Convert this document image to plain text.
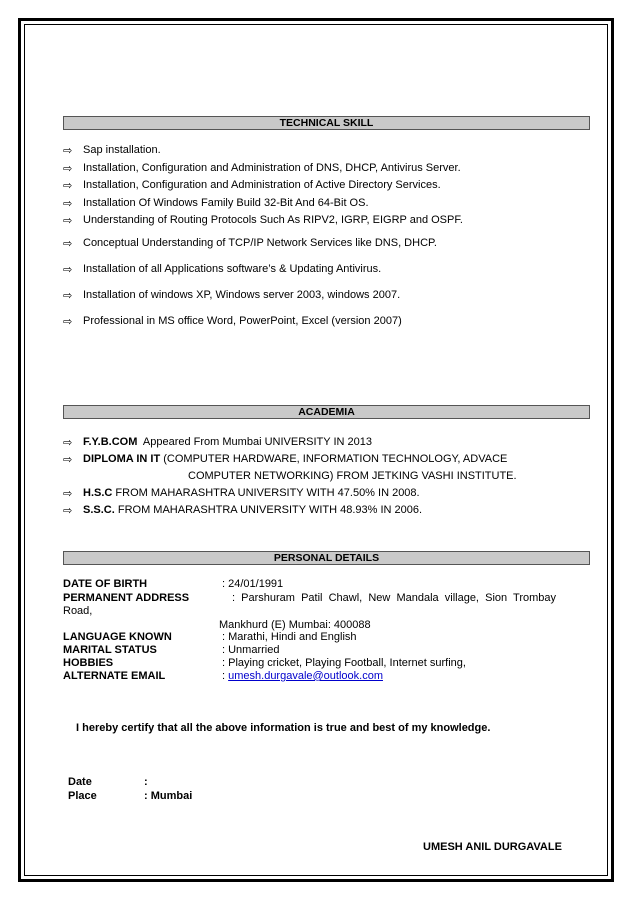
TECHNICAL SKILL
⇨ Sap installation.
⇨ Installation, Configuration and Administration of DNS, DHCP, Antivirus Server.
⇨ Installation, Configuration and Administration of Active Directory Services.
⇨ Installation Of Windows Family Build 32-Bit And 64-Bit OS.
⇨ Understanding of Routing Protocols Such As RIPV2, IGRP, EIGRP and OSPF.
⇨ Conceptual Understanding of TCP/IP Network Services like DNS, DHCP.
⇨ Installation of all Applications software’s & Updating Antivirus.
⇨ Installation of windows XP, Windows server 2003, windows 2007.
⇨ Professional in MS office Word, PowerPoint, Excel (version 2007)
ACADEMIA
⇨ F.Y.B.COM  Appeared From Mumbai UNIVERSITY IN 2013
⇨ DIPLOMA IN IT (COMPUTER HARDWARE, INFORMATION TECHNOLOGY, ADVACE
COMPUTER NETWORKING) FROM JETKING VASHI INSTITUTE.
⇨ H.S.C FROM MAHARASHTRA UNIVERSITY WITH 47.50% IN 2008.
⇨ S.S.C. FROM MAHARASHTRA UNIVERSITY WITH 48.93% IN 2006.
PERSONAL DETAILS
DATE OF BIRTH	: 24/01/1991
PERMANENT ADDRESS	:  Parshuram  Patil  Chawl,  New  Mandala  village,  Sion  Trombay
Road,
Mankhurd (E) Mumbai: 400088
LANGUAGE KNOWN	: Marathi, Hindi and English
MARITAL STATUS	: Unmarried
HOBBIES	: Playing cricket, Playing Football, Internet surfing,
ALTERNATE EMAIL	: umesh.durgavale@outlook.com
I hereby certify that all the above information is true and best of my knowledge.
Date	:
Place	: Mumbai
UMESH ANIL DURGAVALE
